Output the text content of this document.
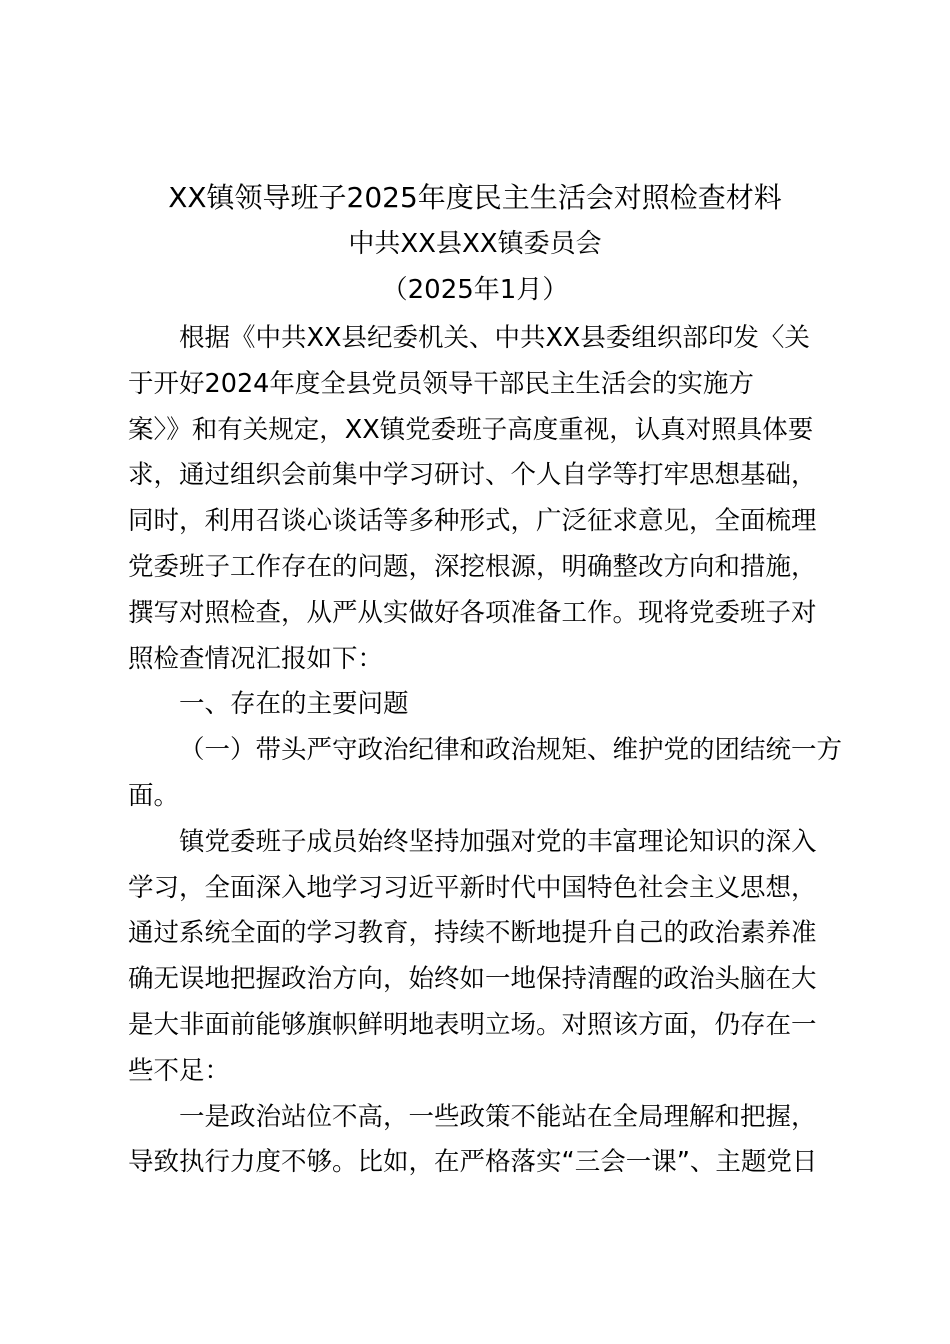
XX镇领导班子2025年度民主生活会对照检查材料
中共XX县XX镇委员会
（2025年1月）

根据《中共XX县纪委机关、中共XX县委组织部印发〈关
于开好2024年度全县党员领导干部民主生活会的实施方
案〉》和有关规定，XX镇党委班子高度重视，认真对照具体要
求，通过组织会前集中学习研讨、个人自学等打牢思想基础，
同时，利用召谈心谈话等多种形式，广泛征求意见，全面梳理
党委班子工作存在的问题，深挖根源，明确整改方向和措施，
撰写对照检查，从严从实做好各项准备工作。现将党委班子对
照检查情况汇报如下：

一、存在的主要问题

（一）带头严守政治纪律和政治规矩、维护党的团结统一方
面。

镇党委班子成员始终坚持加强对党的丰富理论知识的深入
学习，全面深入地学习习近平新时代中国特色社会主义思想，
通过系统全面的学习教育，持续不断地提升自己的政治素养准
确无误地把握政治方向，始终如一地保持清醒的政治头脑在大
是大非面前能够旗帜鲜明地表明立场。对照该方面，仍存在一
些不足：

一是政治站位不高，一些政策不能站在全局理解和把握，
导致执行力度不够。比如，在严格落实“三会一课”、主题党日
